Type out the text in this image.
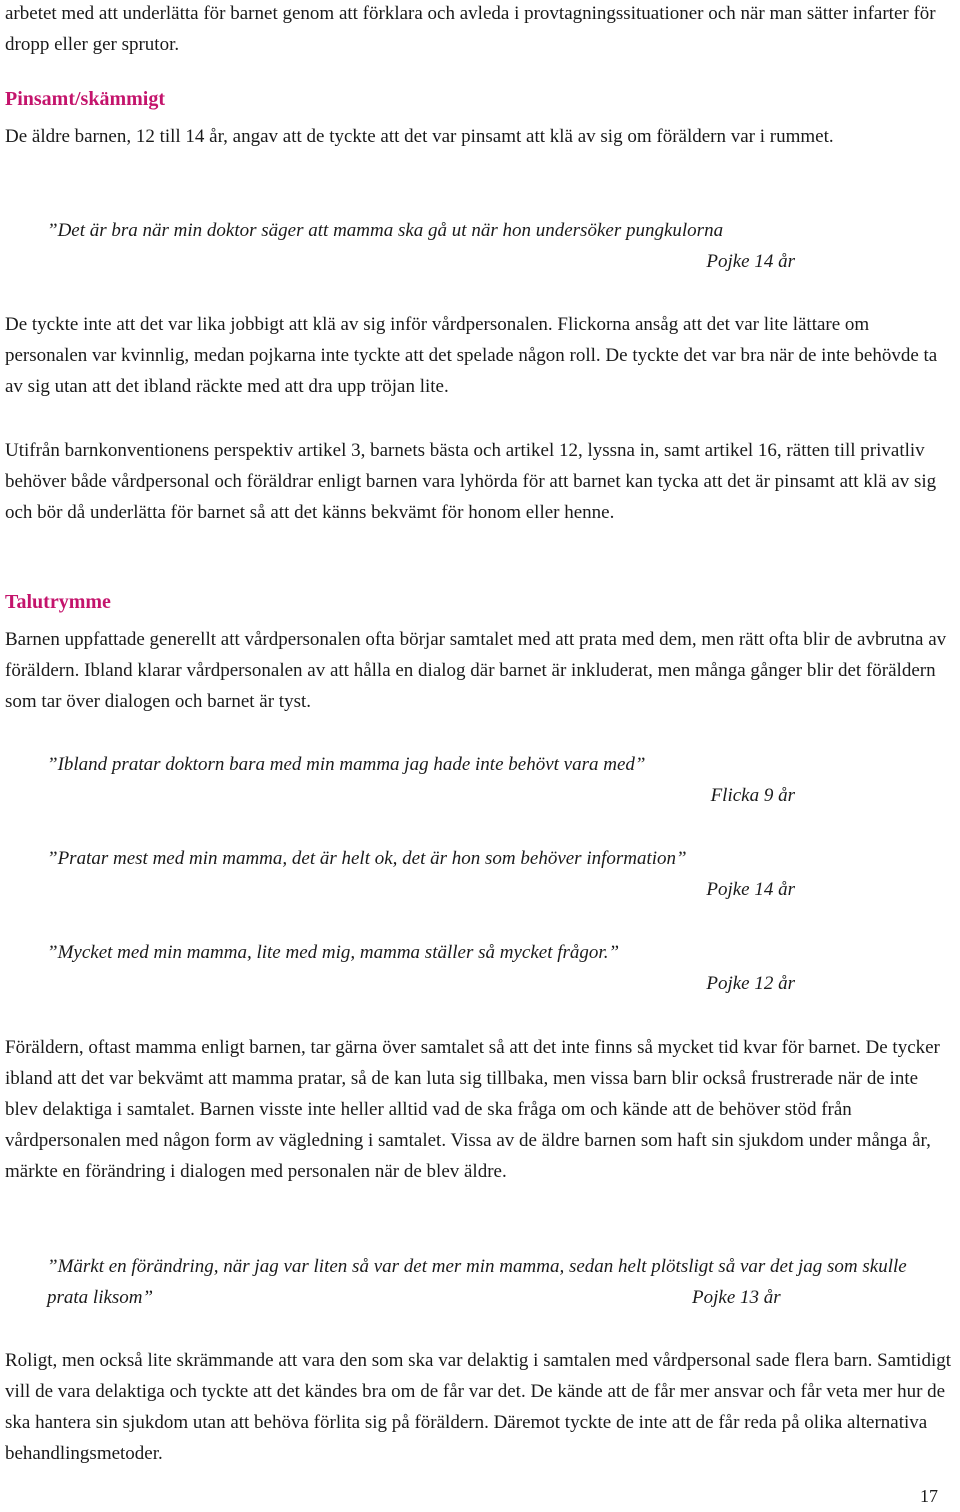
arbetet med att underlätta för barnet genom att förklara och avleda i provtagningssituationer och när man sätter infarter för dropp eller ger sprutor.

Pinsamt/skämmigt

De äldre barnen, 12 till 14 år, angav att de tyckte att det var pinsamt att klä av sig om föräldern var i rummet.

”Det är bra när min doktor säger att mamma ska gå ut när hon undersöker pungkulorna
Pojke 14 år

De tyckte inte att det var lika jobbigt att klä av sig inför vårdpersonalen. Flickorna ansåg att det var lite lättare om personalen var kvinnlig, medan pojkarna inte tyckte att det spelade någon roll. De tyckte det var bra när de inte behövde ta av sig utan att det ibland räckte med att dra upp tröjan lite.

Utifrån barnkonventionens perspektiv artikel 3, barnets bästa och artikel 12, lyssna in, samt artikel 16, rätten till privatliv behöver både vårdpersonal och föräldrar enligt barnen vara lyhörda för att barnet kan tycka att det är pinsamt att klä av sig och bör då underlätta för barnet så att det känns bekvämt för honom eller henne.

Talutrymme

Barnen uppfattade generellt att vårdpersonalen ofta börjar samtalet med att prata med dem, men rätt ofta blir de avbrutna av föräldern. Ibland klarar vårdpersonalen av att hålla en dialog där barnet är inkluderat, men många gånger blir det föräldern som tar över dialogen och barnet är tyst.

”Ibland pratar doktorn bara med min mamma jag hade inte behövt vara med”
Flicka 9 år
”Pratar mest med min mamma, det är helt ok, det är hon som behöver information”
Pojke 14 år
”Mycket med min mamma, lite med mig, mamma ställer så mycket frågor.”
Pojke 12 år

Föräldern, oftast mamma enligt barnen, tar gärna över samtalet så att det inte finns så mycket tid kvar för barnet. De tycker ibland att det var bekvämt att mamma pratar, så de kan luta sig tillbaka, men vissa barn blir också frustrerade när de inte blev delaktiga i samtalet. Barnen visste inte heller alltid vad de ska fråga om och kände att de behöver stöd från vårdpersonalen med någon form av vägledning i samtalet. Vissa av de äldre barnen som haft sin sjukdom under många år, märkte en förändring i dialogen med personalen när de blev äldre.

”Märkt en förändring, när jag var liten så var det mer min mamma, sedan helt plötsligt så var det jag som skulle prata liksom”	Pojke 13 år

Roligt, men också lite skrämmande att vara den som ska var delaktig i samtalen med vårdpersonal sade flera barn. Samtidigt vill de vara delaktiga och tyckte att det kändes bra om de får var det. De kände att de får mer ansvar och får veta mer hur de ska hantera sin sjukdom utan att behöva förlita sig på föräldern. Däremot tyckte de inte att de får reda på olika alternativa behandlingsmetoder.

17
